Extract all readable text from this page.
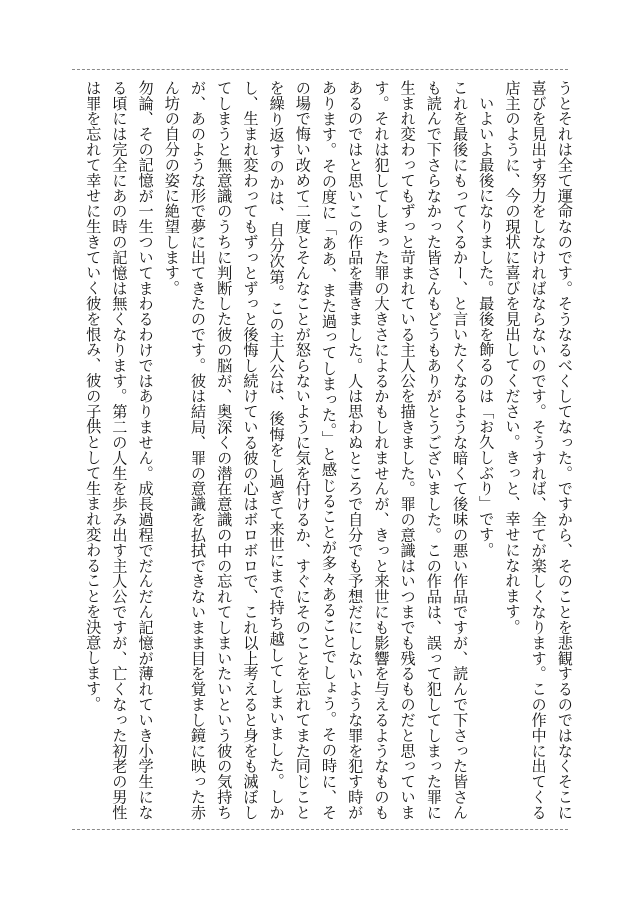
うとそれは全て運命なのです。そうなるべくしてなった。ですから、そのことを悲観するのではなくそこに喜びを見出す努力をしなければならないのです。そうすれば、全てが楽しくなります。この作中に出てくる店主のように、今の現状に喜びを見出してください。きっと、幸せになれます。

いよいよ最後になりました。最後を飾るのは「お久しぶり」です。

これを最後にもってくるかー、と言いたくなるような暗くて後味の悪い作品ですが、読んで下さった皆さんも読んで下さらなかった皆さんもどうもありがとうございました。この作品は、誤って犯してしまった罪に生まれ変わってもずっと苛まれている主人公を描きました。罪の意識はいつまでも残るものだと思っています。それは犯してしまった罪の大きさによるかもしれませんが、きっと来世にも影響を与えるようなものもあるのではと思いこの作品を書きました。人は思わぬところで自分でも予想だにしないような罪を犯す時があります。その度に「ああ、また過ってしまった。」と感じることが多々あることでしょう。その時に、その場で悔い改めて二度とそんなことが怒らないように気を付けるか、すぐにそのことを忘れてまた同じことを繰り返すのかは、自分次第。この主人公は、後悔をし過ぎて来世にまで持ち越してしまいました。しかし、生まれ変わってもずっとずっと後悔し続けている彼の心はボロボロで、これ以上考えると身をも滅ぼしてしまうと無意識のうちに判断した彼の脳が、奥深くの潜在意識の中の忘れてしまいたいという彼の気持ちが、あのような形で夢に出てきたのです。彼は結局、罪の意識を払拭できないまま目を覚まし鏡に映った赤ん坊の自分の姿に絶望します。

勿論、その記憶が一生ついてまわるわけではありません。成長過程でだんだん記憶が薄れていき小学生になる頃には完全にあの時の記憶は無くなります。第二の人生を歩み出す主人公ですが、亡くなった初老の男性は罪を忘れて幸せに生きていく彼を恨み、彼の子供として生まれ変わることを決意します。
